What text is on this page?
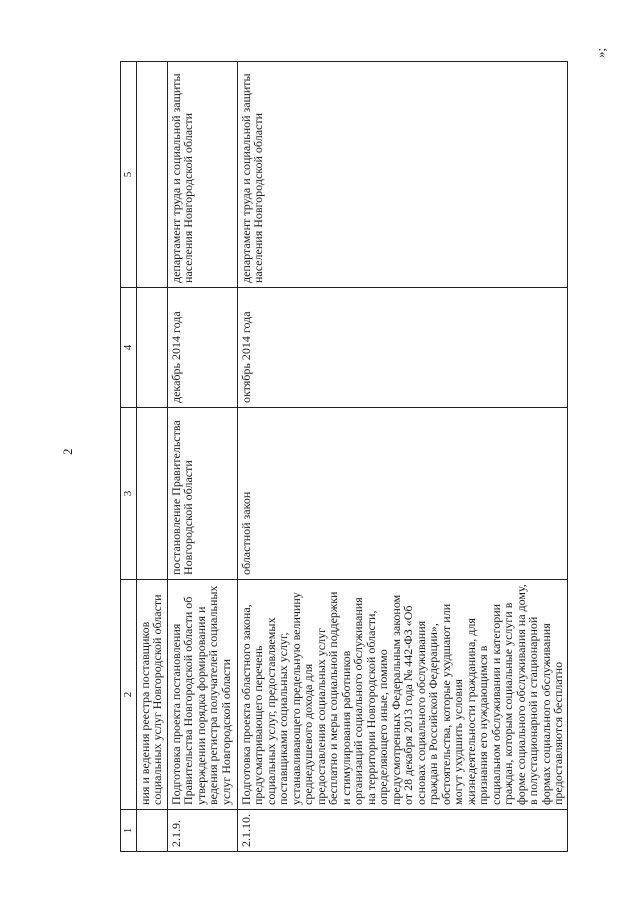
2
»;
1	2	3	4	5
	ния и ведения реестра поставщиков социальных услуг Новгородской области			
2.1.9.	Подготовка проекта постановления Правительства Новгородской области об утверждении порядка формирования и ведения регистра получателей социальных услуг Новгородской области	постановление Правительства Новгородской области	декабрь 2014 года	департамент труда и социальной защиты населения Новгородской области
2.1.10.	Подготовка проекта областного закона, предусматривающего перечень социальных услуг, предоставляемых поставщиками социальных услуг, устанавливающего предельную величину среднедушевого дохода для предоставления социальных услуг бесплатно и меры социальной поддержки и стимулирования работников организаций социального обслуживания на территории Новгородской области, определяющего иные, помимо предусмотренных Федеральным законом от 28 декабря 2013 года № 442-ФЗ «Об основах социального обслуживания граждан в Российской Федерации», обстоятельства, которые ухудшают или могут ухудшить условия жизнедеятельности гражданина, для признания его нуждающимся в социальном обслуживании и категории граждан, которым социальные услуги в форме социального обслуживания на дому, в полустационарной и стационарной формах социального обслуживания предоставляются бесплатно	областной закон	октябрь 2014 года	департамент труда и социальной защиты населения Новгородской области
